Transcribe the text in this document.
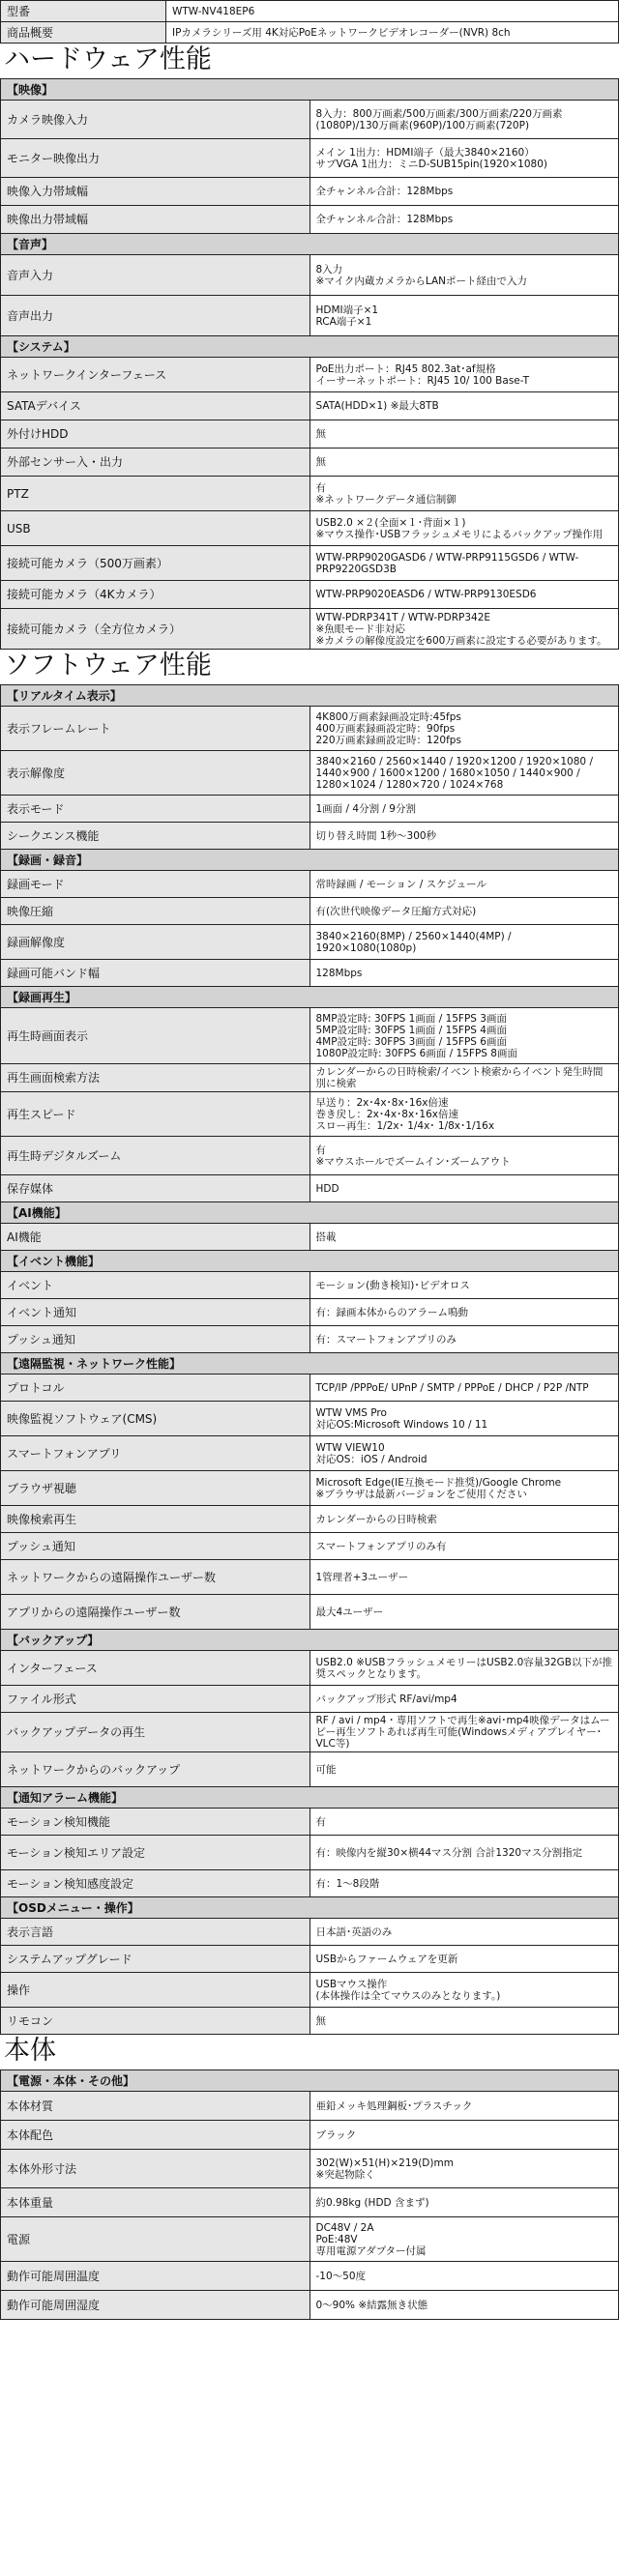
型番	WTW-NV418EP6
商品概要	IPカメラシリーズ用 4K対応PoEネットワークビデオレコーダー(NVR) 8ch
ハードウェア性能
【映像】	
カメラ映像入力	8入力：800万画素/500万画素/300万画素/220万画素(1080P)/130万画素(960P)/100万画素(720P)
モニター映像出力	メイン 1出力：HDMI端子（最大3840×2160）
サブVGA 1出力：ミニD-SUB15pin(1920×1080)
映像入力帯域幅	全チャンネル合計：128Mbps
映像出力帯域幅	全チャンネル合計：128Mbps
【音声】	
音声入力	8入力
※マイク内蔵カメラからLANポート経由で入力
音声出力	HDMI端子×1
RCA端子×1
【システム】	
ネットワークインターフェース	PoE出力ポート：RJ45 802.3at･af規格
イーサーネットポート：RJ45 10/ 100 Base-T
SATAデバイス	SATA(HDD×1) ※最大8TB
外付けHDD	無
外部センサー入・出力	無
PTZ	有
※ネットワークデータ通信制御
USB	USB2.0 ×２(全面×１･背面×１)
※マウス操作･USBフラッシュメモリによるバックアップ操作用
接続可能カメラ（500万画素）	WTW-PRP9020GASD6 / WTW-PRP9115GSD6 / WTW-PRP9220GSD3B
接続可能カメラ（4Kカメラ）	WTW-PRP9020EASD6 / WTW-PRP9130ESD6
接続可能カメラ（全方位カメラ）	WTW-PDRP341T / WTW-PDRP342E
※魚眼モード非対応
※カメラの解像度設定を600万画素に設定する必要があります。
ソフトウェア性能
【リアルタイム表示】	
表示フレームレート	4K800万画素録画設定時:45fps
400万画素録画設定時：90fps
220万画素録画設定時：120fps
表示解像度	3840×2160 / 2560×1440 / 1920×1200 / 1920×1080 / 1440×900 / 1600×1200 / 1680×1050 / 1440×900 / 1280×1024 / 1280×720 / 1024×768
表示モード	1画面 / 4分割 / 9分割
シークエンス機能	切り替え時間 1秒～300秒
【録画・録音】	
録画モード	常時録画 / モーション / スケジュール
映像圧縮	有(次世代映像データ圧縮方式対応)
録画解像度	3840×2160(8MP) / 2560×1440(4MP) / 1920×1080(1080p)
録画可能バンド幅	128Mbps
【録画再生】	
再生時画面表示	8MP設定時: 30FPS 1画面 / 15FPS 3画面
5MP設定時: 30FPS 1画面 / 15FPS 4画面
4MP設定時: 30FPS 3画面 / 15FPS 6画面
1080P設定時: 30FPS 6画面 / 15FPS 8画面
再生画面検索方法	カレンダーからの日時検索/イベント検索からイベント発生時間別に検索
再生スピード	早送り：2x･4x･8x･16x倍速
巻き戻し：2x･4x･8x･16x倍速
スロー再生：1/2x･ 1/4x･ 1/8x･1/16x
再生時デジタルズーム	有
※マウスホールでズームイン･ズームアウト
保存媒体	HDD
【AI機能】	
AI機能	搭載
【イベント機能】	
イベント	モーション(動き検知)･ビデオロス
イベント通知	有：録画本体からのアラーム鳴動
プッシュ通知	有：スマートフォンアプリのみ
【遠隔監視・ネットワーク性能】	
プロトコル	TCP/IP /PPPoE/ UPnP / SMTP / PPPoE / DHCP / P2P /NTP
映像監視ソフトウェア(CMS)	WTW VMS Pro
対応OS:Microsoft Windows 10 / 11
スマートフォンアプリ	WTW VIEW10
対応OS：iOS / Android
ブラウザ視聴	Microsoft Edge(IE互換モード推奨)/Google Chrome
※ブラウザは最新バージョンをご使用ください
映像検索再生	カレンダーからの日時検索
プッシュ通知	スマートフォンアプリのみ有
ネットワークからの遠隔操作ユーザー数	1管理者+3ユーザー
アプリからの遠隔操作ユーザー数	最大4ユーザー
【バックアップ】	
インターフェース	USB2.0 ※USBフラッシュメモリーはUSB2.0容量32GB以下が推奨スペックとなります。
ファイル形式	バックアップ形式 RF/avi/mp4
バックアップデータの再生	RF / avi / mp4・専用ソフトで再生※avi･mp4映像データはムービー再生ソフトあれば再生可能(Windowsメディアプレイヤー･VLC等)
ネットワークからのバックアップ	可能
【通知アラーム機能】	
モーション検知機能	有
モーション検知エリア設定	有：映像内を縦30×横44マス分割 合計1320マス分割指定
モーション検知感度設定	有：1～8段階
【OSDメニュー・操作】	
表示言語	日本語･英語のみ
システムアップグレード	USBからファームウェアを更新
操作	USBマウス操作
(本体操作は全てマウスのみとなります。)
リモコン	無
本体
【電源・本体・その他】	
本体材質	亜鉛メッキ処理鋼板･プラスチック
本体配色	ブラック
本体外形寸法	302(W)×51(H)×219(D)mm
※突起物除く
本体重量	約0.98kg (HDD 含まず)
電源	DC48V / 2A
PoE:48V
専用電源アダプター付属
動作可能周囲温度	-10～50度
動作可能周囲湿度	0～90% ※結露無き状態
